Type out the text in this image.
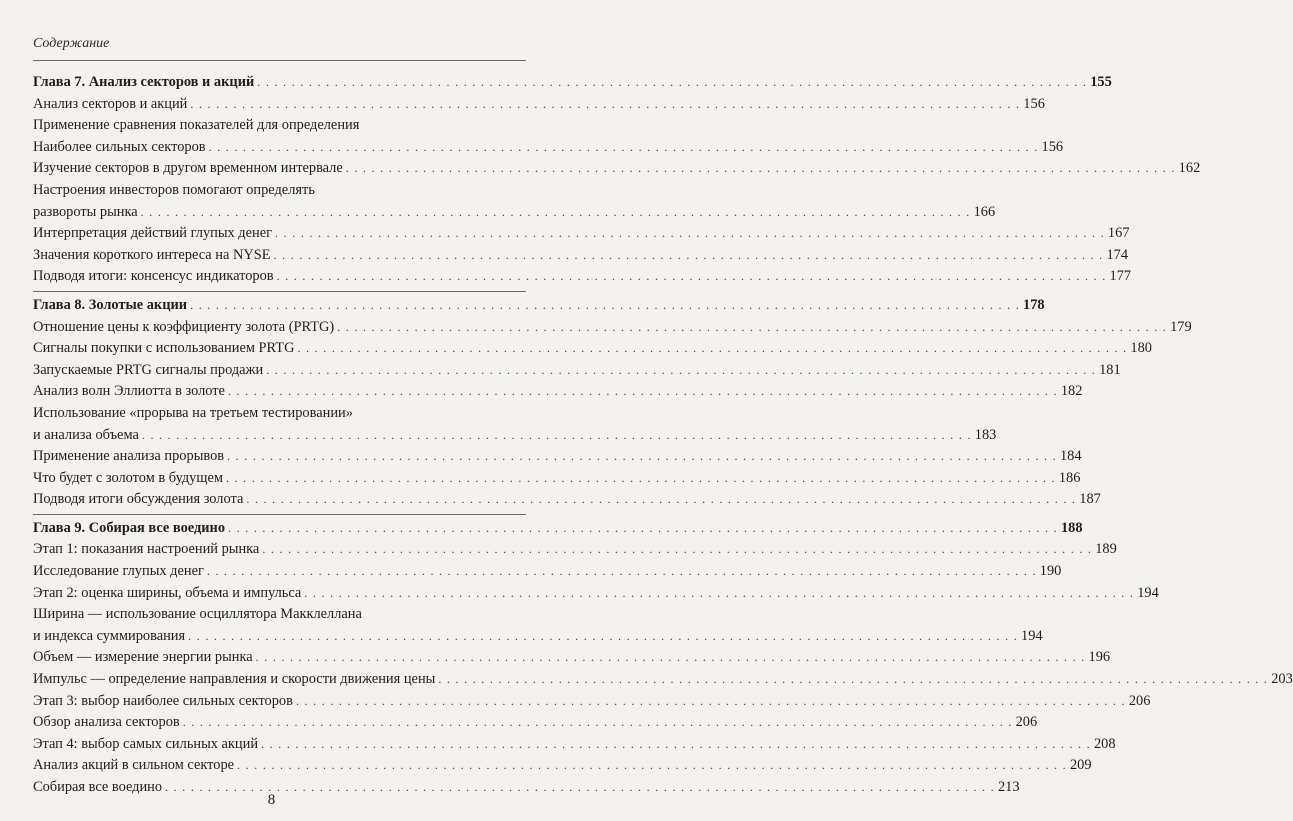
Содержание
Глава 7. Анализ секторов и акций . . .	155
Анализ секторов и акций . . .	156
Применение сравнения показателей для определения
Наиболее сильных секторов . . .	156
Изучение секторов в другом временном интервале . . .	162
Настроения инвесторов помогают определять
развороты рынка . . .	166
Интерпретация действий глупых денег . . .	167
Значения короткого интереса на NYSE . . .	174
Подводя итоги: консенсус индикаторов . . .	177
Глава 8. Золотые акции . . .	178
Отношение цены к коэффициенту золота (PRTG) . . .	179
Сигналы покупки с использованием PRTG . . .	180
Запускаемые PRTG сигналы продажи . . .	181
Анализ волн Эллиотта в золоте . . .	182
Использование «прорыва на третьем тестировании»
и анализа объема . . .	183
Применение анализа прорывов . . .	184
Что будет с золотом в будущем . . .	186
Подводя итоги обсуждения золота . . .	187
Глава 9. Собирая все воедино . . .	188
Этап 1: показания настроений рынка . . .	189
Исследование глупых денег . . .	190
Этап 2: оценка ширины, объема и импульса . . .	194
Ширина — использование осциллятора Макклеллана
и индекса суммирования . . .	194
Объем — измерение энергии рынка . . .	196
Импульс — определение направления и скорости движения цены . . .	203
Этап 3: выбор наиболее сильных секторов . . .	206
Обзор анализа секторов . . .	206
Этап 4: выбор самых сильных акций . . .	208
Анализ акций в сильном секторе . . .	209
Собирая все воедино . . .	213
8
